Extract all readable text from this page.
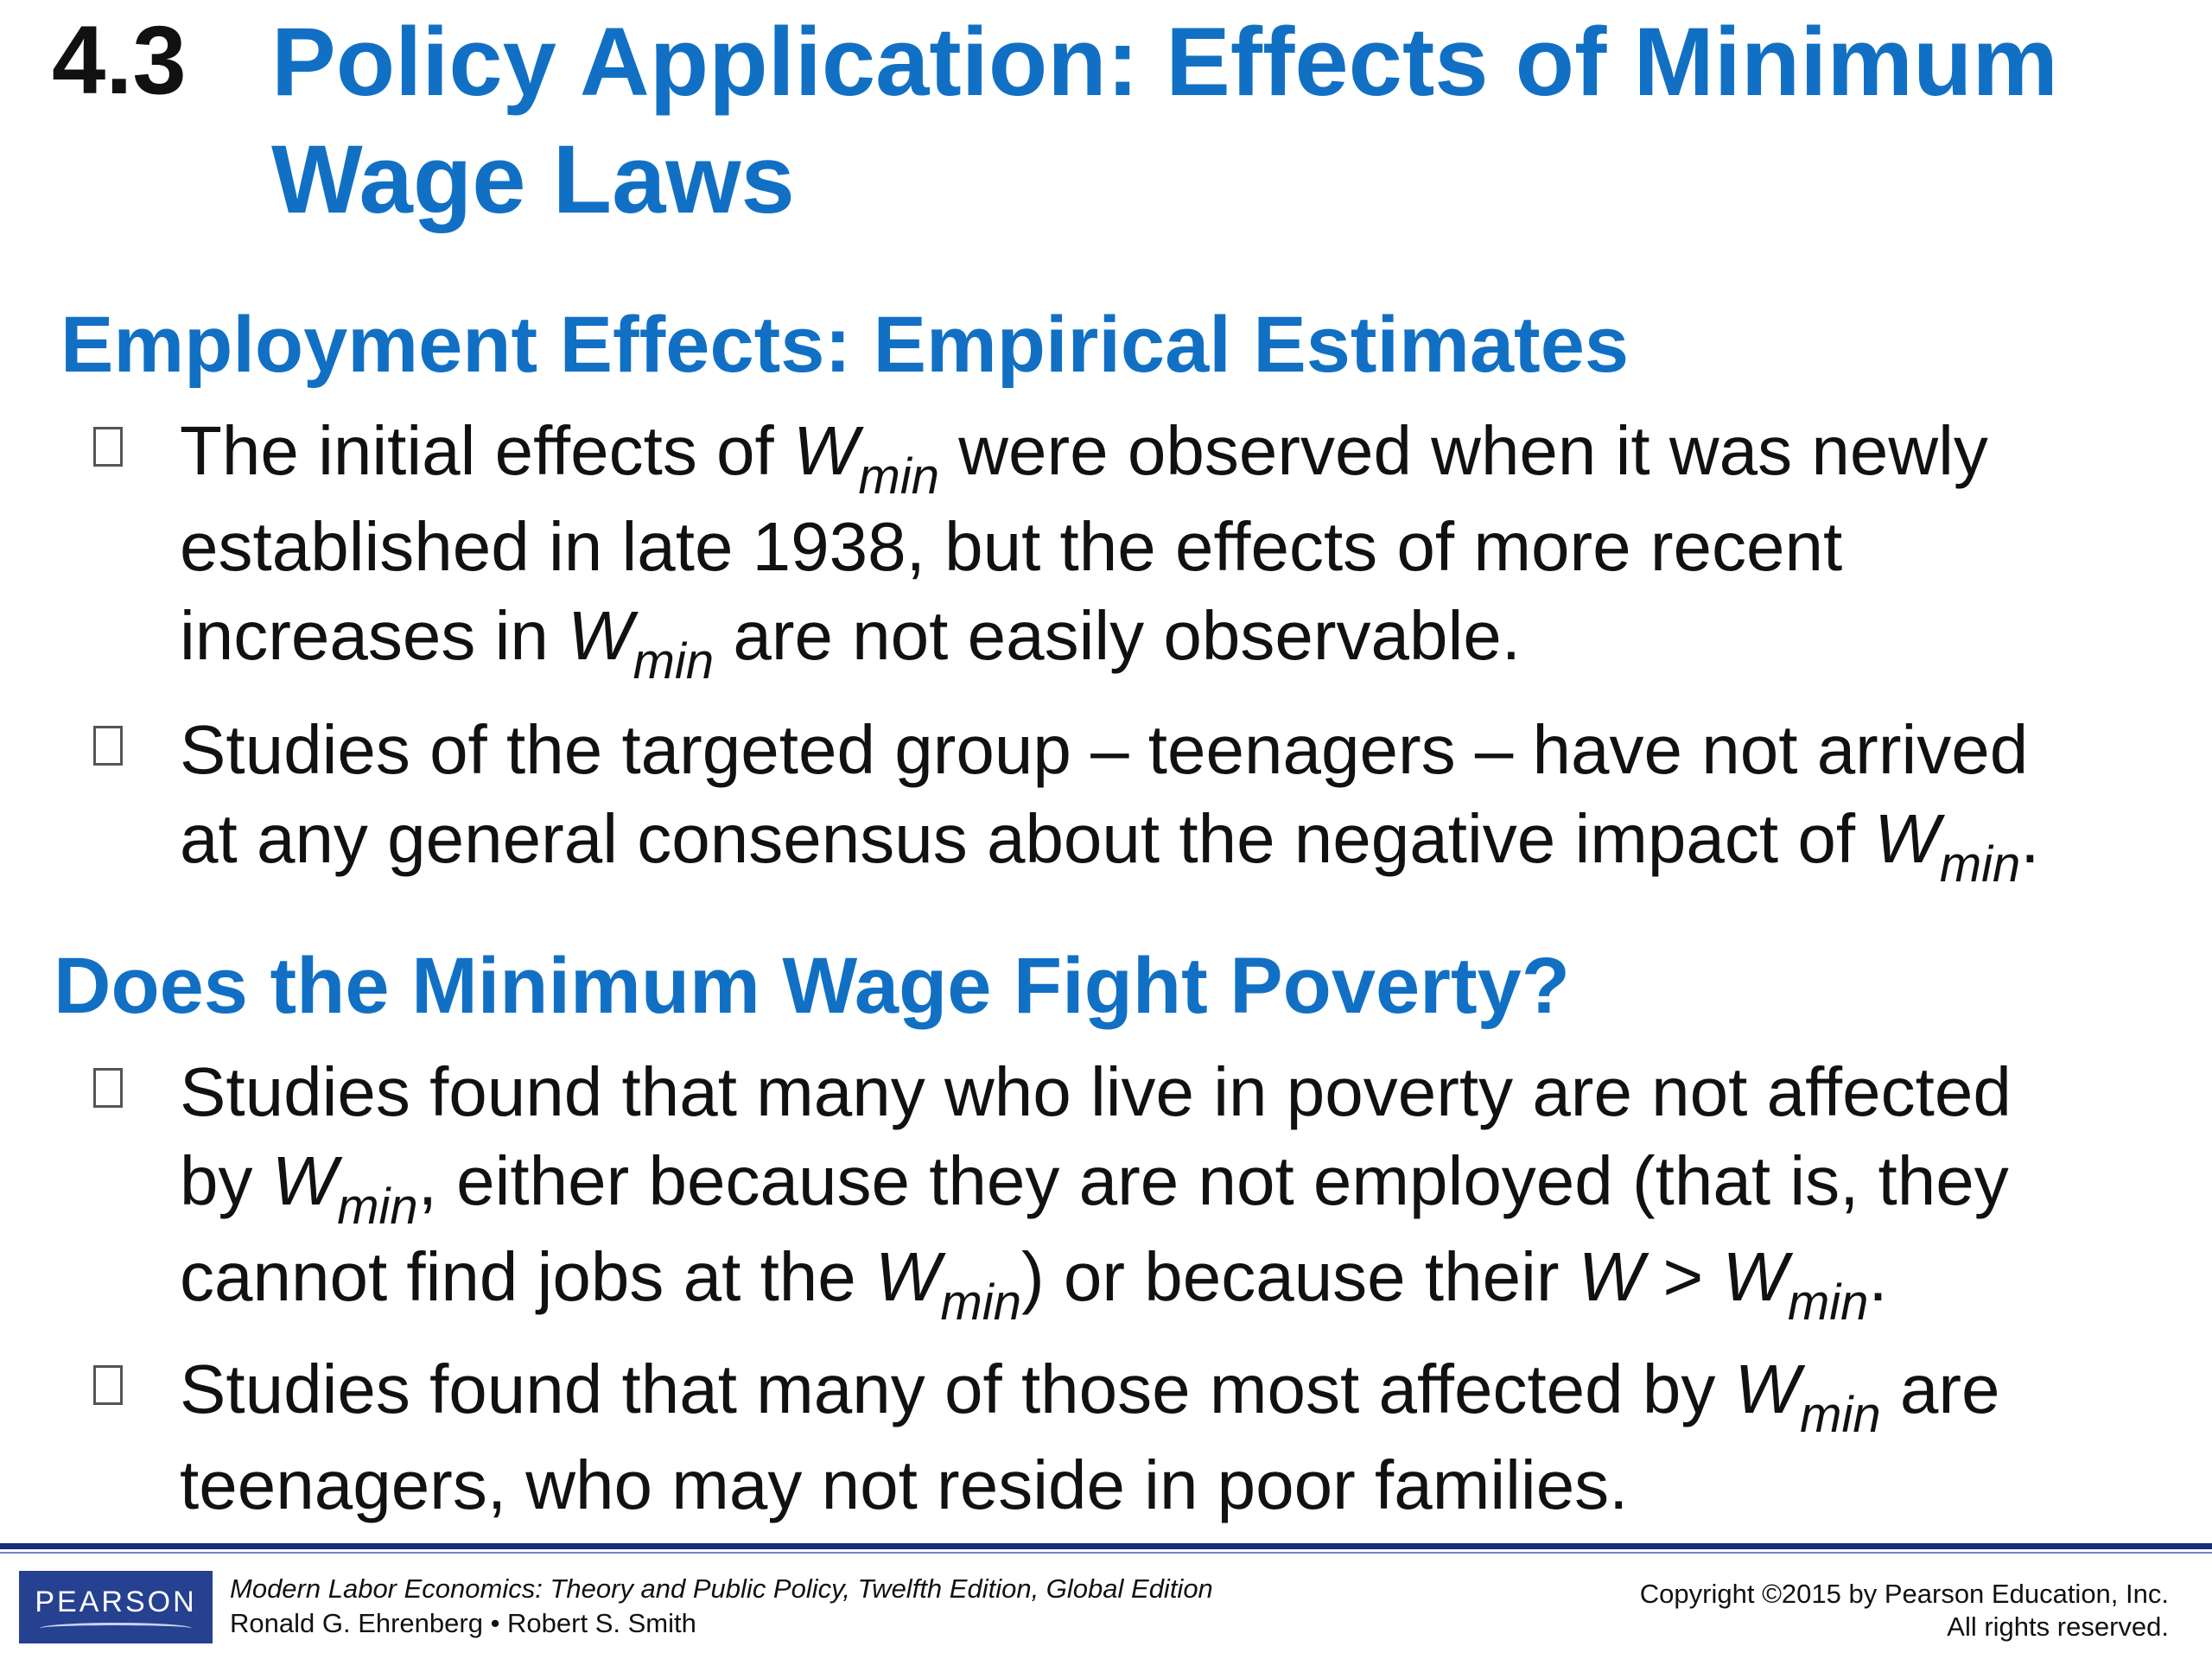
4.3 Policy Application: Effects of Minimum
Wage Laws
Employment Effects: Empirical Estimates
The initial effects of $W_{min}$ were observed when it was newly
established in late 1938, but the effects of more recent
increases in $W_{min}$ are not easily observable.
Studies of the targeted group – teenagers – have not arrived
at any general consensus about the negative impact of $W_{min}$.
Does the Minimum Wage Fight Poverty?
Studies found that many who live in poverty are not affected
by $W_{min}$, either because they are not employed (that is, they
cannot find jobs at the $W_{min}$) or because their $W > W_{min}$.
Studies found that many of those most affected by $W_{min}$ are
teenagers, who may not reside in poor families.
PEARSON	Modern Labor Economics: Theory and Public Policy, Twelfth Edition, Global Edition
Ronald G. Ehrenberg • Robert S. Smith
Copyright ©2015 by Pearson Education, Inc.
All rights reserved.
